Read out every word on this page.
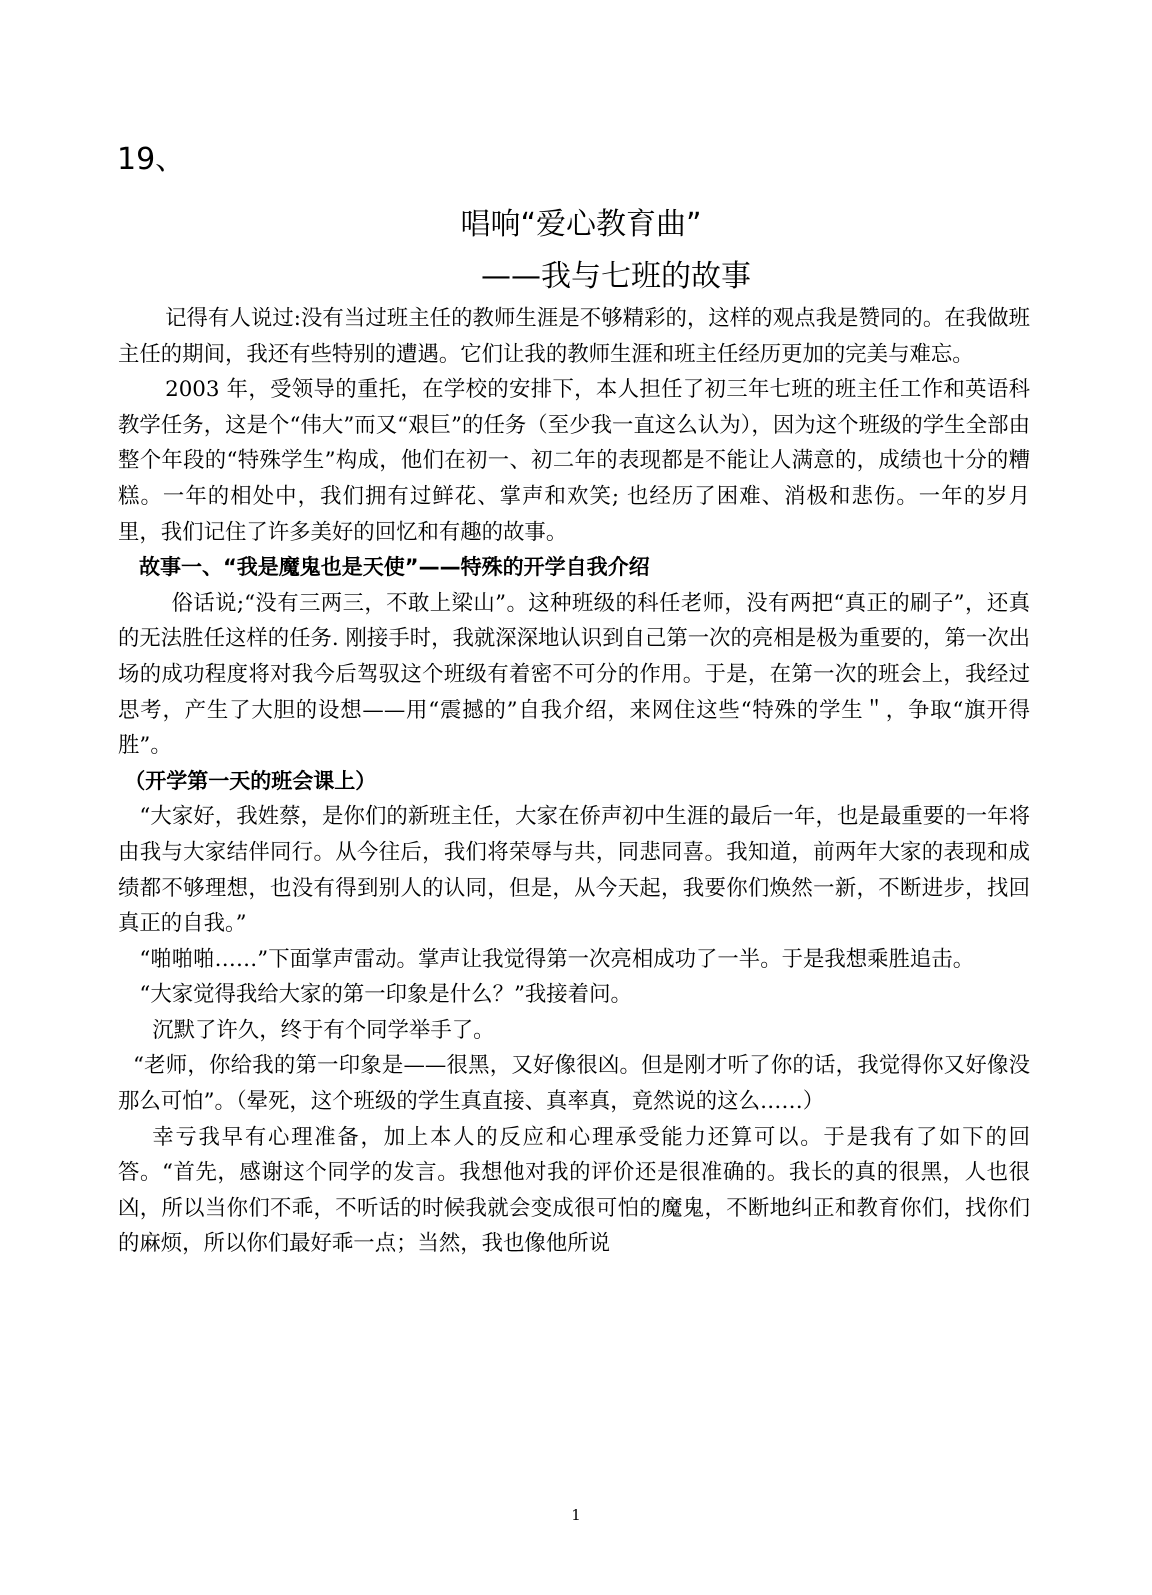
19、
唱响“爱心教育曲”
——我与七班的故事

记得有人说过:没有当过班主任的教师生涯是不够精彩的，这样的观点我是赞同的。在我做班主任的期间，我还有些特别的遭遇。它们让我的教师生涯和班主任经历更加的完美与难忘。

2003 年，受领导的重托，在学校的安排下，本人担任了初三年七班的班主任工作和英语科教学任务，这是个“伟大”而又“艰巨”的任务（至少我一直这么认为），因为这个班级的学生全部由整个年段的“特殊学生”构成，他们在初一、初二年的表现都是不能让人满意的，成绩也十分的糟糕。一年的相处中，我们拥有过鲜花、掌声和欢笑; 也经历了困难、消极和悲伤。一年的岁月里，我们记住了许多美好的回忆和有趣的故事。

故事一、“我是魔鬼也是天使”——特殊的开学自我介绍

俗话说;“没有三两三，不敢上梁山”。这种班级的科任老师，没有两把“真正的刷子”，还真的无法胜任这样的任务. 刚接手时，我就深深地认识到自己第一次的亮相是极为重要的，第一次出场的成功程度将对我今后驾驭这个班级有着密不可分的作用。于是，在第一次的班会上，我经过思考，产生了大胆的设想——用“震撼的”自我介绍，来网住这些“特殊的学生＂，争取“旗开得胜”。

（开学第一天的班会课上）

“大家好，我姓蔡，是你们的新班主任，大家在侨声初中生涯的最后一年，也是最重要的一年将由我与大家结伴同行。从今往后，我们将荣辱与共，同悲同喜。我知道，前两年大家的表现和成绩都不够理想，也没有得到别人的认同，但是，从今天起，我要你们焕然一新，不断进步，找回真正的自我。”

“啪啪啪……”下面掌声雷动。掌声让我觉得第一次亮相成功了一半。于是我想乘胜追击。

“大家觉得我给大家的第一印象是什么？”我接着问。

沉默了许久，终于有个同学举手了。

“老师，你给我的第一印象是——很黑，又好像很凶。但是刚才听了你的话，我觉得你又好像没那么可怕”。（晕死，这个班级的学生真直接、真率真，竟然说的这么……）

幸亏我早有心理准备，加上本人的反应和心理承受能力还算可以。于是我有了如下的回答。“首先，感谢这个同学的发言。我想他对我的评价还是很准确的。我长的真的很黑，人也很凶，所以当你们不乖，不听话的时候我就会变成很可怕的魔鬼，不断地纠正和教育你们，找你们的麻烦，所以你们最好乖一点；当然，我也像他所说

1
